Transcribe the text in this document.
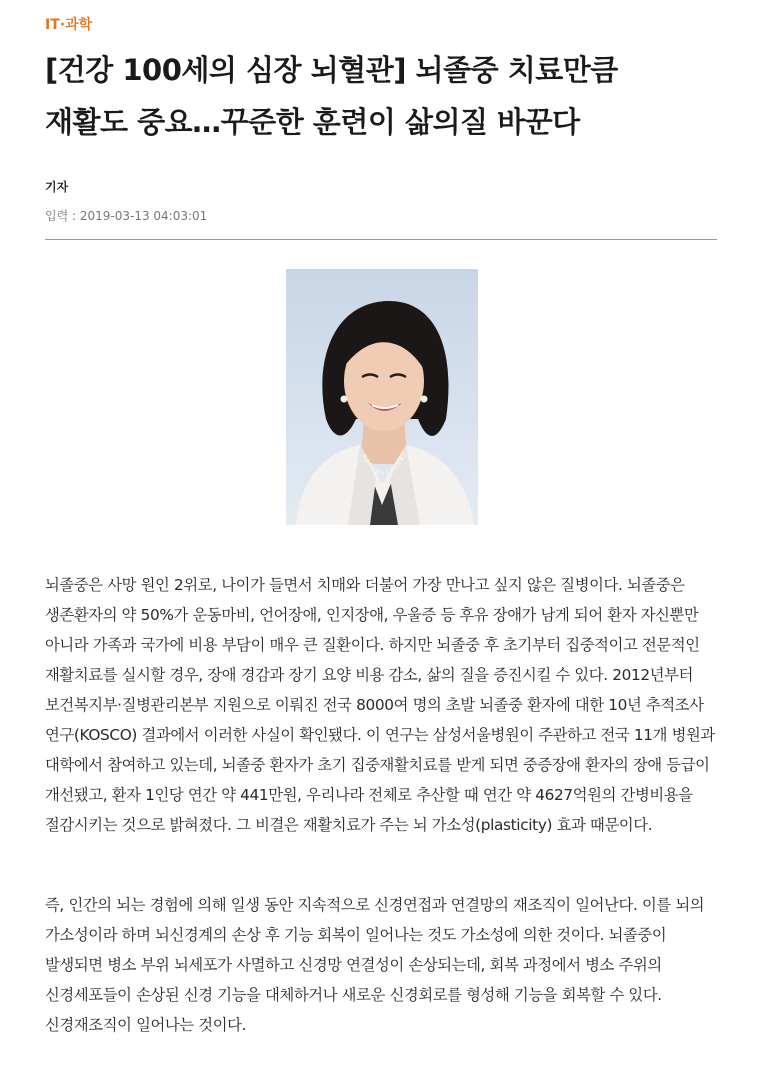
IT·과학
[건강 100세의 심장 뇌혈관] 뇌졸중 치료만큼
재활도 중요…꾸준한 훈련이 삶의질 바꾼다
기자
입력 : 2019-03-13 04:03:01

뇌졸중은 사망 원인 2위로, 나이가 들면서 치매와 더불어 가장 만나고 싶지 않은 질병이다. 뇌졸중은 생존환자의 약 50%가 운동마비, 언어장애, 인지장애, 우울증 등 후유 장애가 남게 되어 환자 자신뿐만 아니라 가족과 국가에 비용 부담이 매우 큰 질환이다. 하지만 뇌졸중 후 초기부터 집중적이고 전문적인 재활치료를 실시할 경우, 장애 경감과 장기 요양 비용 감소, 삶의 질을 증진시킬 수 있다. 2012년부터 보건복지부·질병관리본부 지원으로 이뤄진 전국 8000여 명의 초발 뇌졸중 환자에 대한 10년 추적조사 연구(KOSCO) 결과에서 이러한 사실이 확인됐다. 이 연구는 삼성서울병원이 주관하고 전국 11개 병원과 대학에서 참여하고 있는데, 뇌졸중 환자가 초기 집중재활치료를 받게 되면 중증장애 환자의 장애 등급이 개선됐고, 환자 1인당 연간 약 441만원, 우리나라 전체로 추산할 때 연간 약 4627억원의 간병비용을 절감시키는 것으로 밝혀졌다. 그 비결은 재활치료가 주는 뇌 가소성(plasticity) 효과 때문이다.

즉, 인간의 뇌는 경험에 의해 일생 동안 지속적으로 신경연접과 연결망의 재조직이 일어난다. 이를 뇌의 가소성이라 하며 뇌신경계의 손상 후 기능 회복이 일어나는 것도 가소성에 의한 것이다. 뇌졸중이 발생되면 병소 부위 뇌세포가 사멸하고 신경망 연결성이 손상되는데, 회복 과정에서 병소 주위의 신경세포들이 손상된 신경 기능을 대체하거나 새로운 신경회로를 형성해 기능을 회복할 수 있다. 신경재조직이 일어나는 것이다.
